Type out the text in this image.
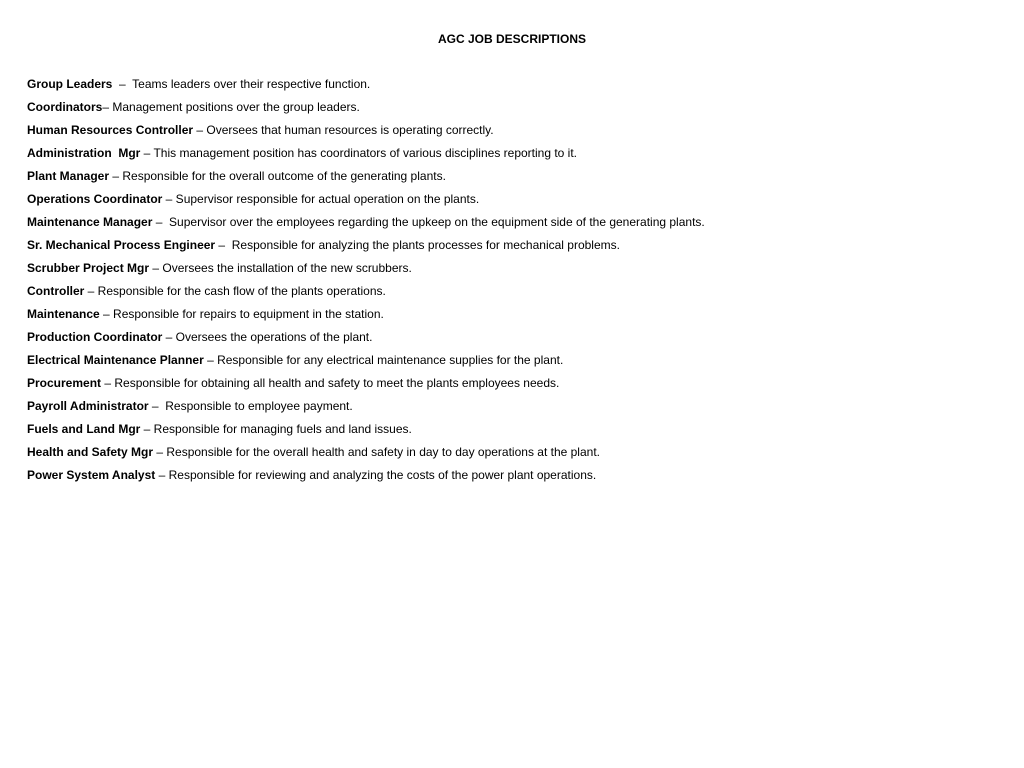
AGC JOB DESCRIPTIONS
Group Leaders  –  Teams leaders over their respective function.
Coordinators– Management positions over the group leaders.
Human Resources Controller – Oversees that human resources is operating correctly.
Administration  Mgr – This management position has coordinators of various disciplines reporting to it.
Plant Manager – Responsible for the overall outcome of the generating plants.
Operations Coordinator – Supervisor responsible for actual operation on the plants.
Maintenance Manager –  Supervisor over the employees regarding the upkeep on the equipment side of the generating plants.
Sr. Mechanical Process Engineer –  Responsible for analyzing the plants processes for mechanical problems.
Scrubber Project Mgr – Oversees the installation of the new scrubbers.
Controller – Responsible for the cash flow of the plants operations.
Maintenance – Responsible for repairs to equipment in the station.
Production Coordinator – Oversees the operations of the plant.
Electrical Maintenance Planner – Responsible for any electrical maintenance supplies for the plant.
Procurement – Responsible for obtaining all health and safety to meet the plants employees needs.
Payroll Administrator –  Responsible to employee payment.
Fuels and Land Mgr – Responsible for managing fuels and land issues.
Health and Safety Mgr – Responsible for the overall health and safety in day to day operations at the plant.
Power System Analyst – Responsible for reviewing and analyzing the costs of the power plant operations.
